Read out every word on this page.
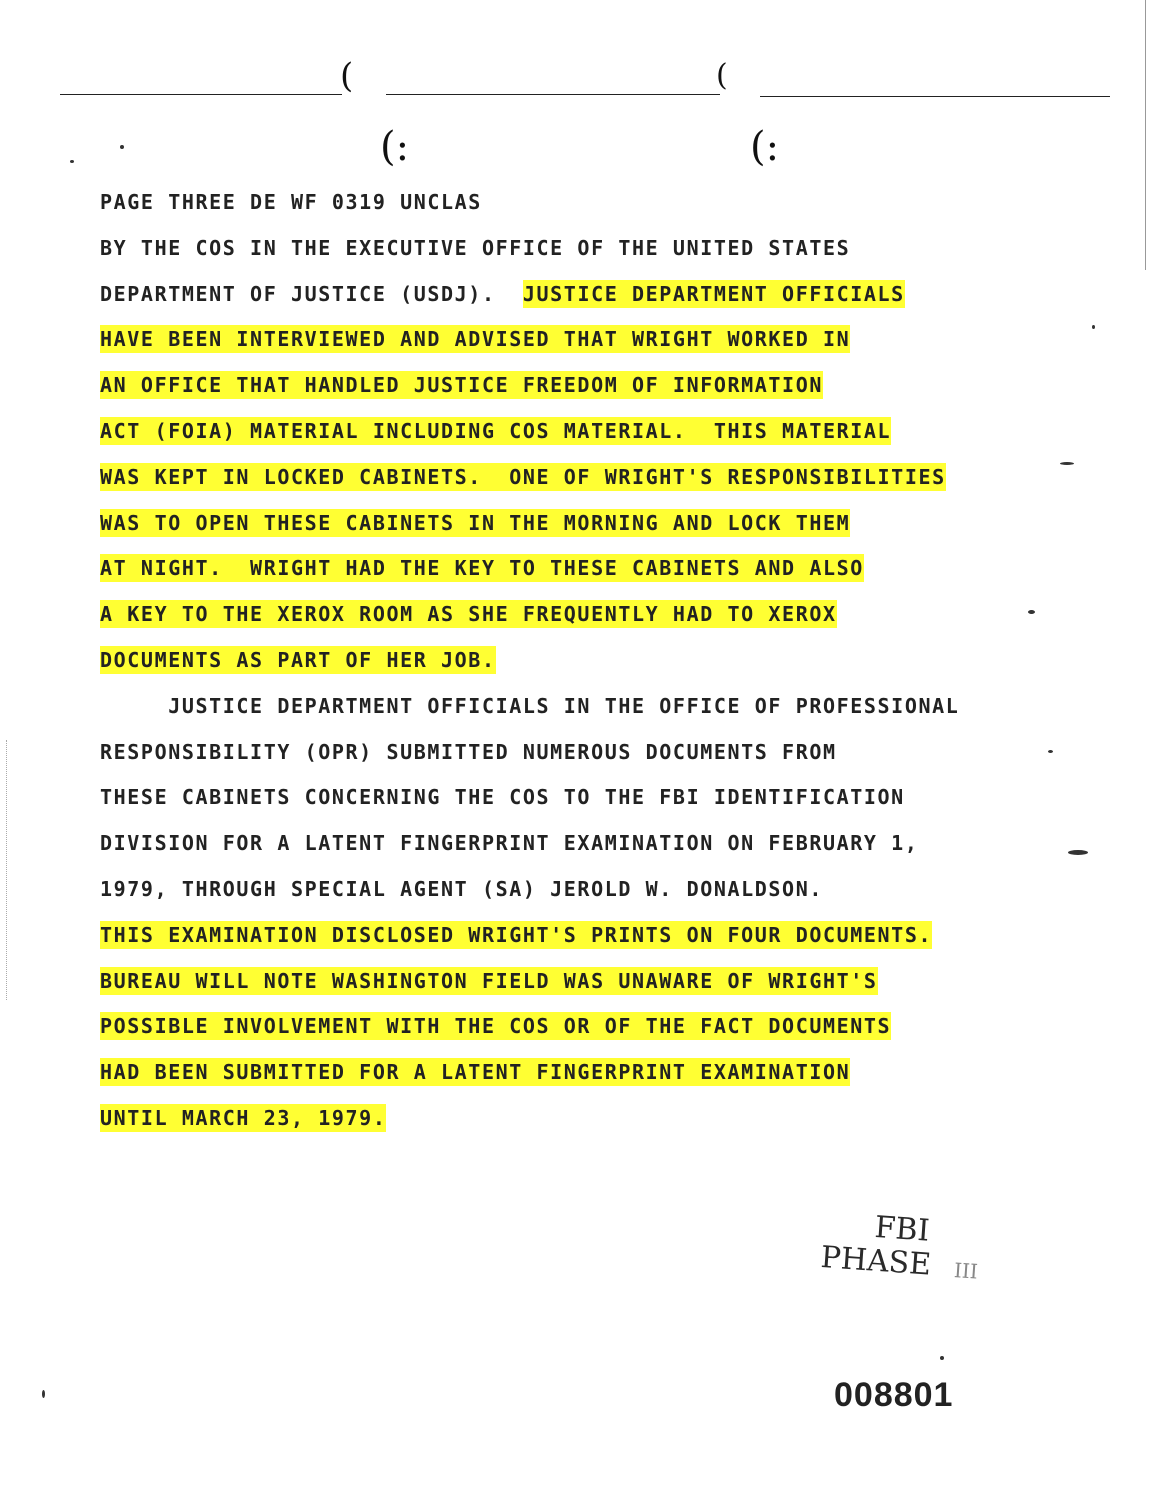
(	(
(:	(:
PAGE THREE DE WF 0319 UNCLAS
BY THE COS IN THE EXECUTIVE OFFICE OF THE UNITED STATES
DEPARTMENT OF JUSTICE (USDJ).  JUSTICE DEPARTMENT OFFICIALS
HAVE BEEN INTERVIEWED AND ADVISED THAT WRIGHT WORKED IN
AN OFFICE THAT HANDLED JUSTICE FREEDOM OF INFORMATION
ACT (FOIA) MATERIAL INCLUDING COS MATERIAL.  THIS MATERIAL
WAS KEPT IN LOCKED CABINETS.  ONE OF WRIGHT'S RESPONSIBILITIES
WAS TO OPEN THESE CABINETS IN THE MORNING AND LOCK THEM
AT NIGHT.  WRIGHT HAD THE KEY TO THESE CABINETS AND ALSO
A KEY TO THE XEROX ROOM AS SHE FREQUENTLY HAD TO XEROX
DOCUMENTS AS PART OF HER JOB.
JUSTICE DEPARTMENT OFFICIALS IN THE OFFICE OF PROFESSIONAL
RESPONSIBILITY (OPR) SUBMITTED NUMEROUS DOCUMENTS FROM
THESE CABINETS CONCERNING THE COS TO THE FBI IDENTIFICATION
DIVISION FOR A LATENT FINGERPRINT EXAMINATION ON FEBRUARY 1,
1979, THROUGH SPECIAL AGENT (SA) JEROLD W. DONALDSON.
THIS EXAMINATION DISCLOSED WRIGHT'S PRINTS ON FOUR DOCUMENTS.
BUREAU WILL NOTE WASHINGTON FIELD WAS UNAWARE OF WRIGHT'S
POSSIBLE INVOLVEMENT WITH THE COS OR OF THE FACT DOCUMENTS
HAD BEEN SUBMITTED FOR A LATENT FINGERPRINT EXAMINATION
UNTIL MARCH 23, 1979.
FBI
PHASE III
008801
